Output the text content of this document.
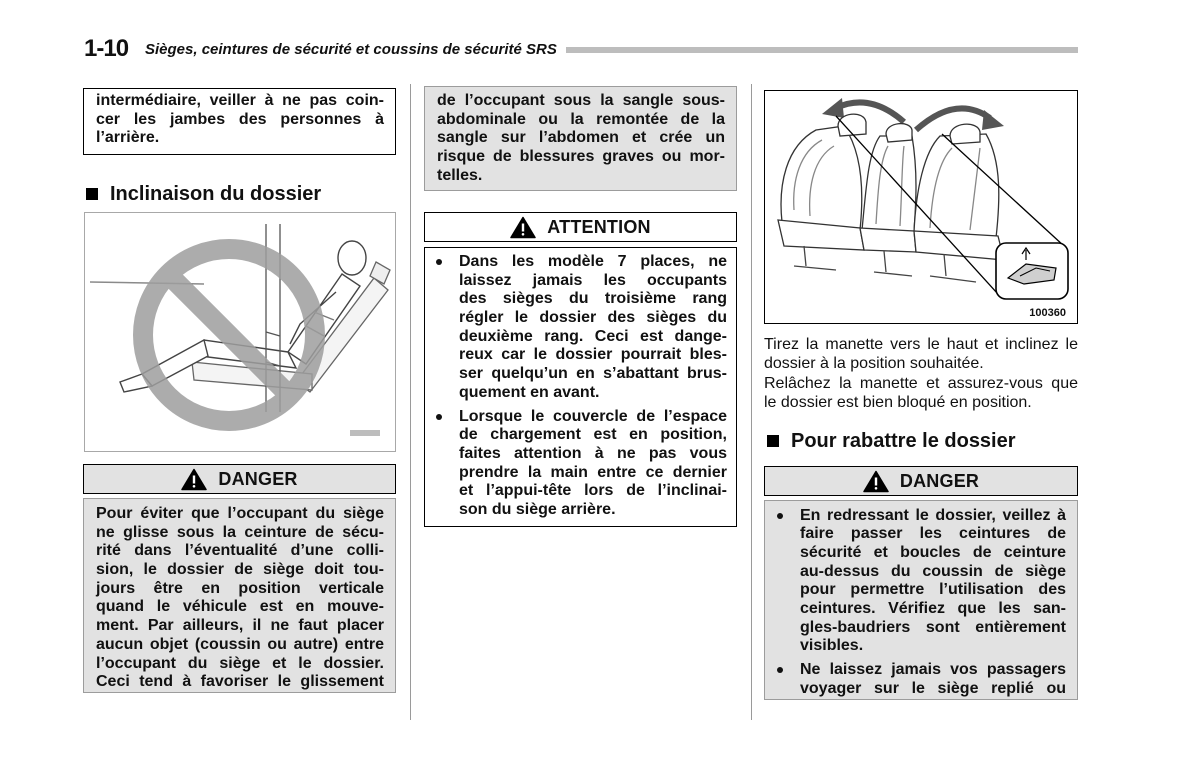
1-10 Sièges, ceintures de sécurité et coussins de sécurité SRS
intermédiaire, veiller à ne pas coin-
cer les jambes des personnes à
l’arrière.
Inclinaison du dossier
DANGER
Pour éviter que l’occupant du siège
ne glisse sous la ceinture de sécu-
rité dans l’éventualité d’une colli-
sion, le dossier de siège doit tou-
jours être en position verticale
quand le véhicule est en mouve-
ment. Par ailleurs, il ne faut placer
aucun objet (coussin ou autre) entre
l’occupant du siège et le dossier.
Ceci tend à favoriser le glissement
de l’occupant sous la sangle sous-
abdominale ou la remontée de la
sangle sur l’abdomen et crée un
risque de blessures graves ou mor-
telles.
ATTENTION
Dans les modèle 7 places, ne
laissez jamais les occupants
des sièges du troisième rang
régler le dossier des sièges du
deuxième rang. Ceci est dange-
reux car le dossier pourrait bles-
ser quelqu’un en s’abattant brus-
quement en avant.
Lorsque le couvercle de l’espace
de chargement est en position,
faites attention à ne pas vous
prendre la main entre ce dernier
et l’appui-tête lors de l’inclinai-
son du siège arrière.
100360
Tirez la manette vers le haut et inclinez le
dossier à la position souhaitée.
Relâchez la manette et assurez-vous que
le dossier est bien bloqué en position.
Pour rabattre le dossier
DANGER
En redressant le dossier, veillez à
faire passer les ceintures de
sécurité et boucles de ceinture
au-dessus du coussin de siège
pour permettre l’utilisation des
ceintures. Vérifiez que les san-
gles-baudriers sont entièrement
visibles.
Ne laissez jamais vos passagers
voyager sur le siège replié ou
